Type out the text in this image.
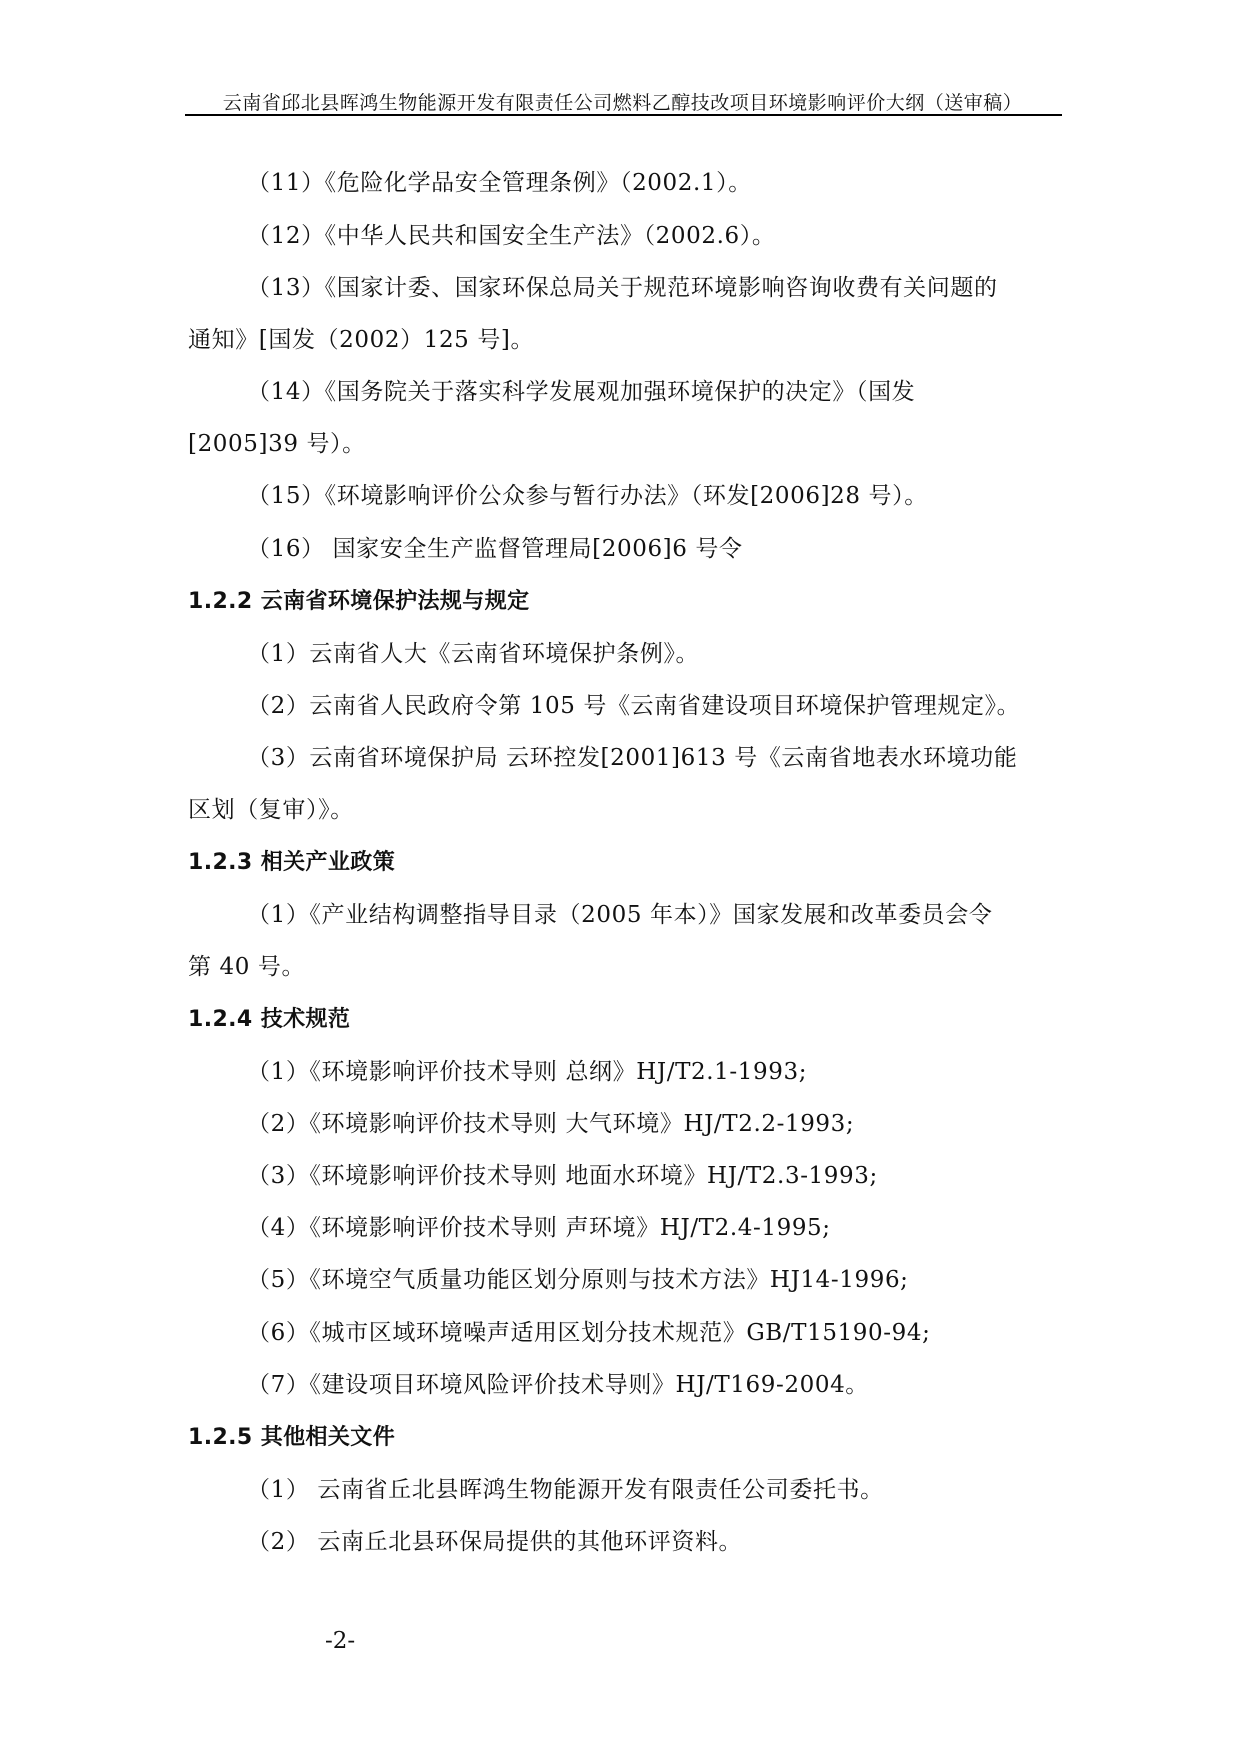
云南省邱北县晖鸿生物能源开发有限责任公司燃料乙醇技改项目环境影响评价大纲（送审稿）
（11）《危险化学品安全管理条例》（2002.1）。
（12）《中华人民共和国安全生产法》（2002.6）。
（13）《国家计委、国家环保总局关于规范环境影响咨询收费有关问题的
通知》[国发（2002）125 号]。
（14）《国务院关于落实科学发展观加强环境保护的决定》（国发
[2005]39 号）。
（15）《环境影响评价公众参与暂行办法》（环发[2006]28 号）。
（16） 国家安全生产监督管理局[2006]6 号令
1.2.2 云南省环境保护法规与规定
（1）云南省人大《云南省环境保护条例》。
（2）云南省人民政府令第 105 号《云南省建设项目环境保护管理规定》。
（3）云南省环境保护局 云环控发[2001]613 号《云南省地表水环境功能
区划（复审）》。
1.2.3 相关产业政策
（1）《产业结构调整指导目录（2005 年本）》国家发展和改革委员会令
第 40 号。
1.2.4 技术规范
（1）《环境影响评价技术导则 总纲》HJ/T2.1-1993;
（2）《环境影响评价技术导则 大气环境》HJ/T2.2-1993;
（3）《环境影响评价技术导则 地面水环境》HJ/T2.3-1993;
（4）《环境影响评价技术导则 声环境》HJ/T2.4-1995;
（5）《环境空气质量功能区划分原则与技术方法》HJ14-1996;
（6）《城市区域环境噪声适用区划分技术规范》GB/T15190-94;
（7）《建设项目环境风险评价技术导则》HJ/T169-2004。
1.2.5 其他相关文件
（1） 云南省丘北县晖鸿生物能源开发有限责任公司委托书。
（2） 云南丘北县环保局提供的其他环评资料。
-2-
